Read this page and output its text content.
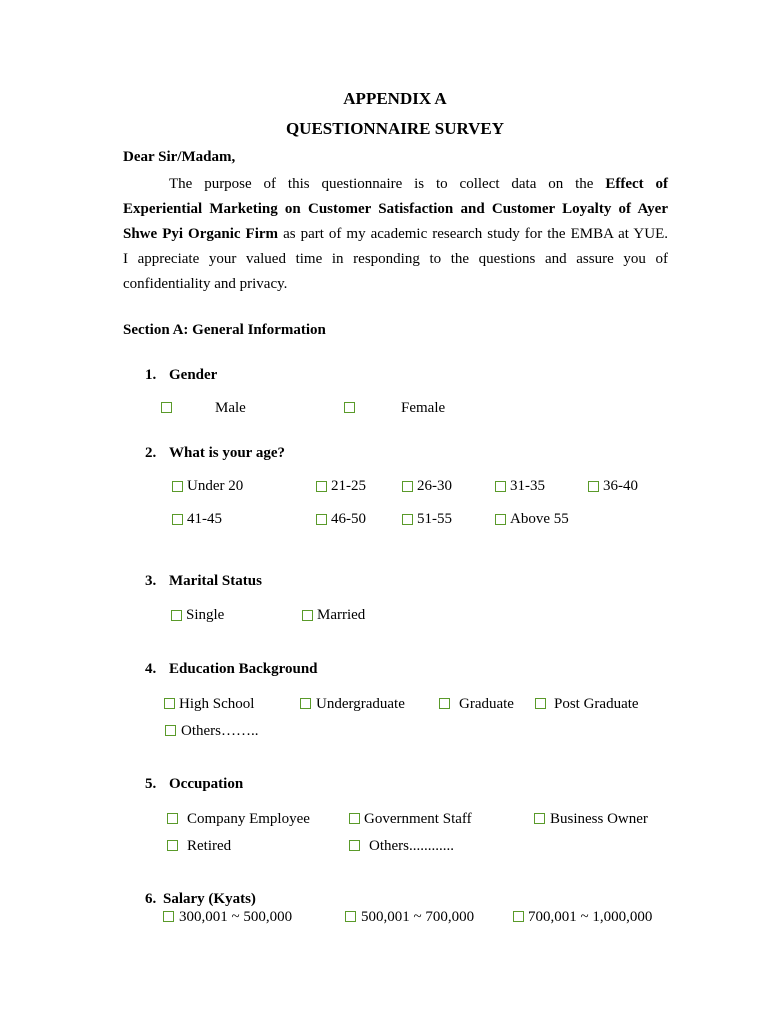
APPENDIX A
QUESTIONNAIRE SURVEY
Dear Sir/Madam,
The purpose of this questionnaire is to collect data on the Effect of
Experiential Marketing on Customer Satisfaction and Customer Loyalty of Ayer
Shwe Pyi Organic Firm as part of my academic research study for the EMBA at YUE.
I appreciate your valued time in responding to the questions and assure you of
confidentiality and privacy.
Section A: General Information
1. Gender
Male	Female
2. What is your age?
Under 20	21-25	26-30	31-35	36-40
41-45	46-50	51-55	Above 55
3. Marital Status
Single	Married
4. Education Background
High School	Undergraduate	Graduate	Post Graduate
Others……..
5. Occupation
Company Employee	Government Staff	Business Owner
Retired	Others............
6. Salary (Kyats)
300,001 ~ 500,000	500,001 ~ 700,000	700,001 ~ 1,000,000
